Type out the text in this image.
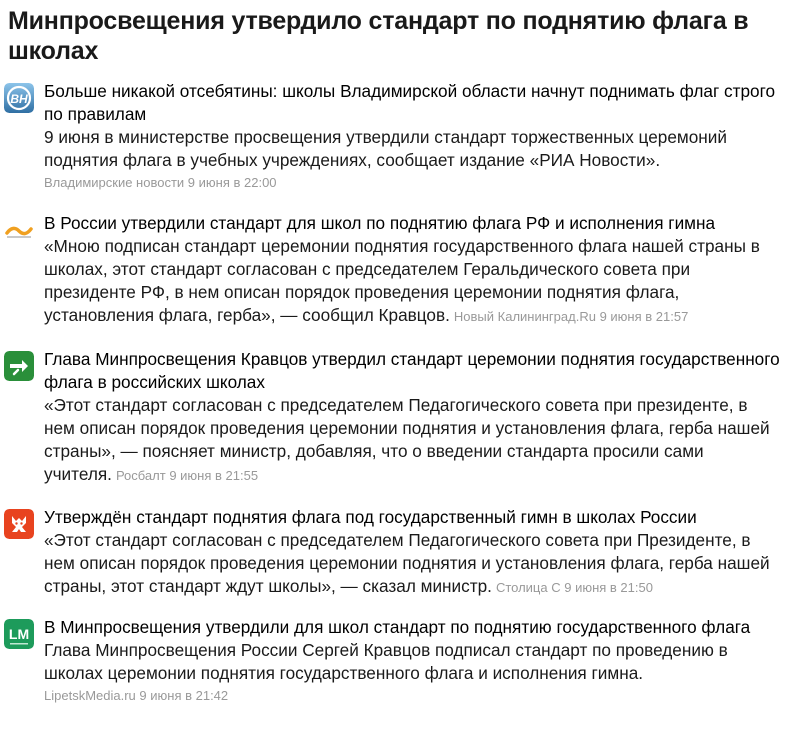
Минпросвещения утвердило стандарт по поднятию флага в школах
ВН Больше никакой отсебятины: школы Владимирской области начнут поднимать флаг строго по правилам
9 июня в министерстве просвещения утвердили стандарт торжественных церемоний поднятия флага в учебных учреждениях, сообщает издание «РИА Новости».
Владимирские новости 9 июня в 22:00
В России утвердили стандарт для школ по поднятию флага РФ и исполнения гимна
«Мною подписан стандарт церемонии поднятия государственного флага нашей страны в школах, этот стандарт согласован с председателем Геральдического совета при президенте РФ, в нем описан порядок проведения церемонии поднятия флага, установления флага, герба», — сообщил Кравцов. Новый Калининград.Ru 9 июня в 21:57
Глава Минпросвещения Кравцов утвердил стандарт церемонии поднятия государственного флага в российских школах
«Этот стандарт согласован с председателем Педагогического совета при президенте, в нем описан порядок проведения церемонии поднятия и установления флага, герба нашей страны», — поясняет министр, добавляя, что о введении стандарта просили сами учителя. Росбалт 9 июня в 21:55
Утверждён стандарт поднятия флага под государственный гимн в школах России
«Этот стандарт согласован с председателем Педагогического совета при Президенте, в нем описан порядок проведения церемонии поднятия и установления флага, герба нашей страны, этот стандарт ждут школы», — сказал министр. Столица С 9 июня в 21:50
LM В Минпросвещения утвердили для школ стандарт по поднятию государственного флага
Глава Минпросвещения России Сергей Кравцов подписал стандарт по проведению в школах церемонии поднятия государственного флага и исполнения гимна.
LipetskMedia.ru 9 июня в 21:42
